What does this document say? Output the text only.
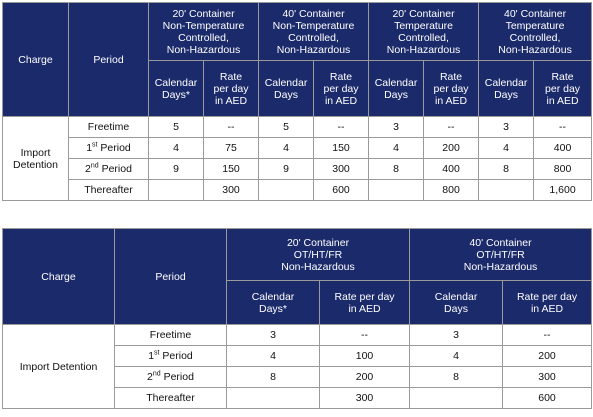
Charge	Period	20' Container
Non-Temperature
Controlled,
Non-Hazardous		40' Container
Non-Temperature
Controlled,
Non-Hazardous		20' Container
Temperature
Controlled,
Non-Hazardous		40' Container
Temperature
Controlled,
Non-Hazardous	

		Calendar
Days*	Rate
per day
in AED	Calendar
Days	Rate
per day
in AED	Calendar
Days	Rate
per day
in AED	Calendar
Days	Rate
per day
in AED

Import
Detention	Freetime	5	--	5	--	3	--	3	--
	1st Period	4	75	4	150	4	200	4	400
	2nd Period	9	150	9	300	8	400	8	800
	Thereafter		300		600		800		1,600
Charge	Period	20' Container
OT/HT/FR
Non-Hazardous		40' Container
OT/HT/FR
Non-Hazardous	

		Calendar
Days*	Rate per day
in AED	Calendar
Days	Rate per day
in AED

Import Detention	Freetime	3	--	3	--
	1st Period	4	100	4	200
	2nd Period	8	200	8	300
	Thereafter		300		600
